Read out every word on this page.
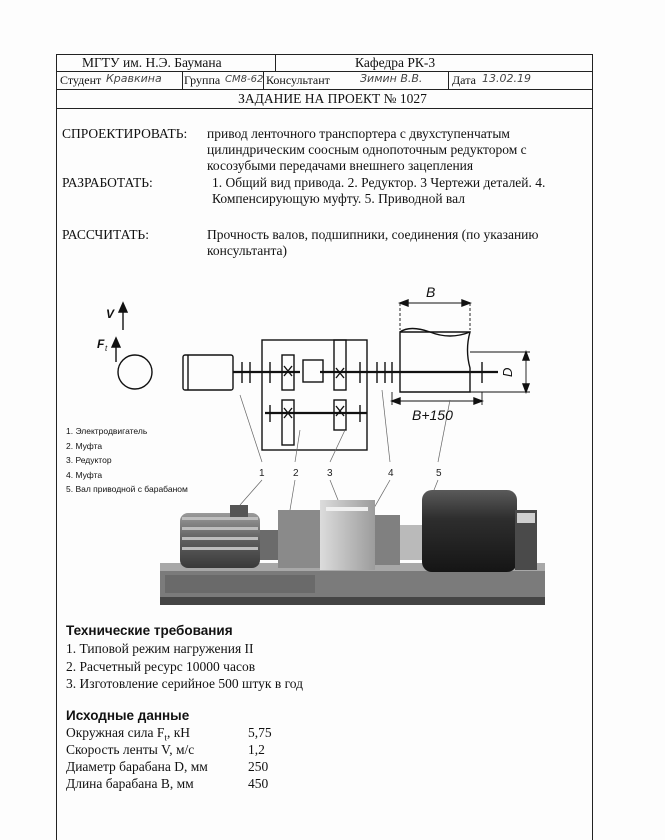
МГТУ им. Н.Э. Баумана	Кафедра РК-3
Студент Кравкина Группа СМ8-62 Консультант	Зимин В.В. Дата 13.02.19
ЗАДАНИЕ НА ПРОЕКТ № 1027
СПРОЕКТИРОВАТЬ: привод ленточного транспортера с двухступенчатым цилиндрическим соосным однопоточным редуктором с косозубыми передачами внешнего зацепления
РАЗРАБОТАТЬ:	1. Общий вид привода. 2. Редуктор. 3 Чертежи деталей. 4. Компенсирующую муфту. 5. Приводной вал
РАССЧИТАТЬ:	Прочность валов, подшипники, соединения (по указанию консультанта)
V
F t
B
B+150
D
1	2	3	4	5
1. Электродвигатель
2. Муфта
3. Редуктор
4. Муфта
5. Вал приводной с барабаном
Технические требования
1. Типовой режим нагружения II
2. Расчетный ресурс 10000 часов
3. Изготовление серийное 500 штук в год
Исходные данные
Окружная сила $F_t$, кН	5,75
Скорость ленты V, м/с	1,2
Диаметр барабана D, мм	250
Длина барабана B, мм	450
